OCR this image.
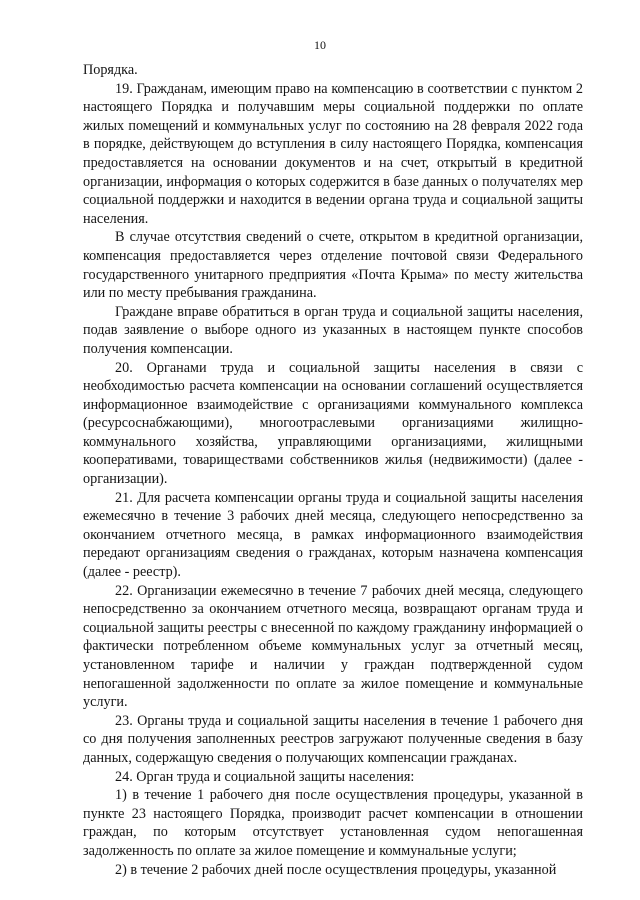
10

Порядка.

19. Гражданам, имеющим право на компенсацию в соответствии с пунктом 2 настоящего Порядка и получавшим меры социальной поддержки по оплате жилых помещений и коммунальных услуг по состоянию на 28 февраля 2022 года в порядке, действующем до вступления в силу настоящего Порядка, компенсация предоставляется на основании документов и на счет, открытый в кредитной организации, информация о которых содержится в базе данных о получателях мер социальной поддержки и находится в ведении органа труда и социальной защиты населения.

В случае отсутствия сведений о счете, открытом в кредитной организации, компенсация предоставляется через отделение почтовой связи Федерального государственного унитарного предприятия «Почта Крыма» по месту жительства или по месту пребывания гражданина.

Граждане вправе обратиться в орган труда и социальной защиты населения, подав заявление о выборе одного из указанных в настоящем пункте способов получения компенсации.

20. Органами труда и социальной защиты населения в связи с необходимостью расчета компенсации на основании соглашений осуществляется информационное взаимодействие с организациями коммунального комплекса (ресурсоснабжающими), многоотраслевыми организациями жилищно-коммунального хозяйства, управляющими организациями, жилищными кооперативами, товариществами собственников жилья (недвижимости) (далее - организации).

21. Для расчета компенсации органы труда и социальной защиты населения ежемесячно в течение 3 рабочих дней месяца, следующего непосредственно за окончанием отчетного месяца, в рамках информационного взаимодействия передают организациям сведения о гражданах, которым назначена компенсация (далее - реестр).

22. Организации ежемесячно в течение 7 рабочих дней месяца, следующего непосредственно за окончанием отчетного месяца, возвращают органам труда и социальной защиты реестры с внесенной по каждому гражданину информацией о фактически потребленном объеме коммунальных услуг за отчетный месяц, установленном тарифе и наличии у граждан подтвержденной судом непогашенной задолженности по оплате за жилое помещение и коммунальные услуги.

23. Органы труда и социальной защиты населения в течение 1 рабочего дня со дня получения заполненных реестров загружают полученные сведения в базу данных, содержащую сведения о получающих компенсации гражданах.

24. Орган труда и социальной защиты населения:

1) в течение 1 рабочего дня после осуществления процедуры, указанной в пункте 23 настоящего Порядка, производит расчет компенсации в отношении граждан, по которым отсутствует установленная судом непогашенная задолженность по оплате за жилое помещение и коммунальные услуги;

2) в течение 2 рабочих дней после осуществления процедуры, указанной
